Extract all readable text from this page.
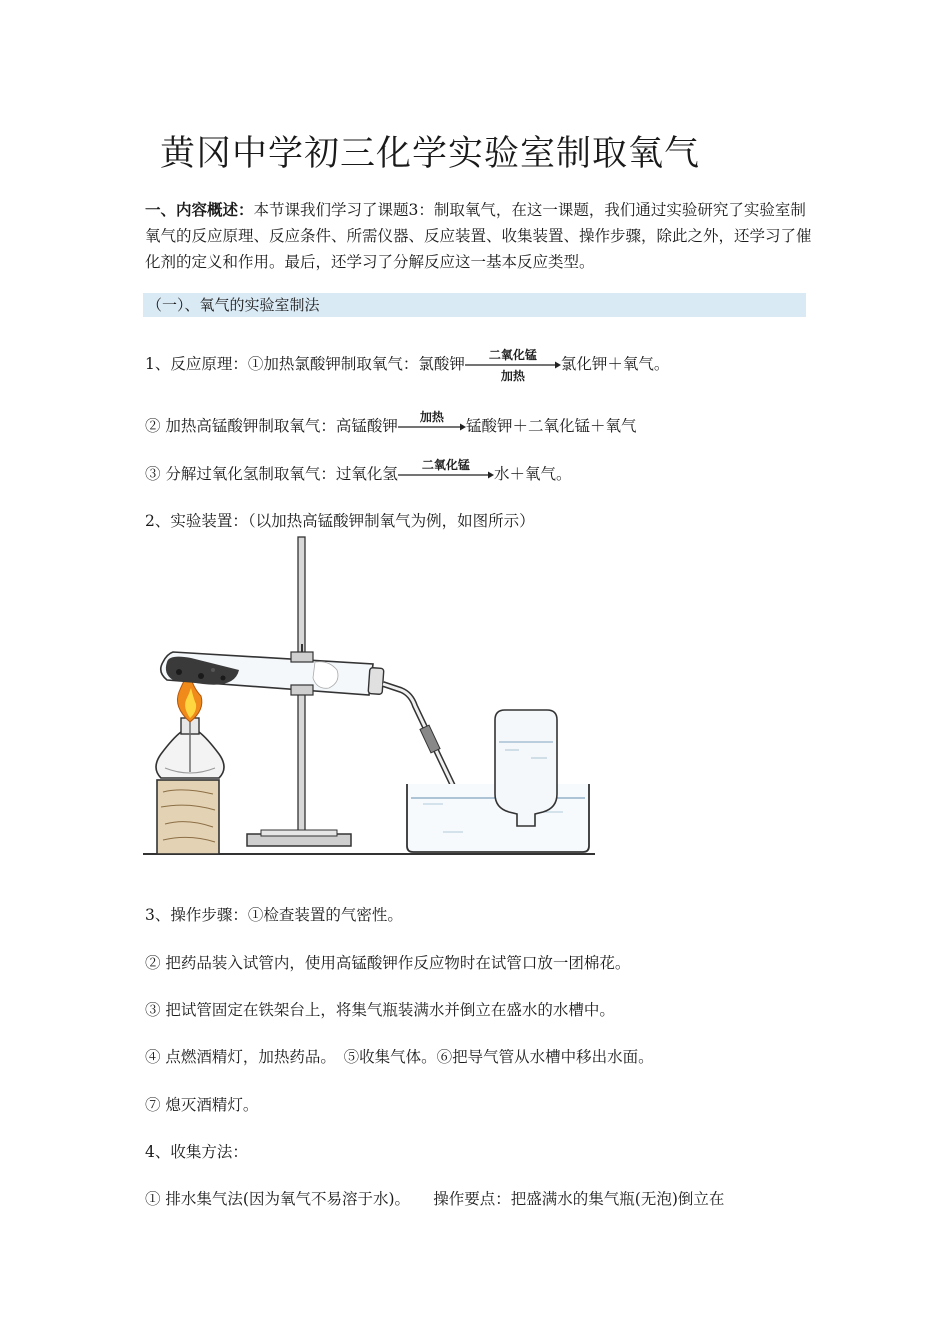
黄冈中学初三化学实验室制取氧气
一、内容概述：本节课我们学习了课题3：制取氧气，在这一课题，我们通过实验研究了实验室制氧气的反应原理、反应条件、所需仪器、反应装置、收集装置、操作步骤，除此之外，还学习了催化剂的定义和作用。最后，还学习了分解反应这一基本反应类型。
（一）、氧气的实验室制法
1、反应原理：①加热氯酸钾制取氧气：氯酸钾	二氧化锰
加热
氯化钾＋氧气。
② 加热高锰酸钾制取氧气：高锰酸钾	加热	锰酸钾＋二氧化锰＋氧气
③ 分解过氧化氢制取氧气：过氧化氢	二氧化锰	水＋氧气。
2、实验装置：（以加热高锰酸钾制氧气为例，如图所示）
3、操作步骤：①检查装置的气密性。
② 把药品装入试管内，使用高锰酸钾作反应物时在试管口放一团棉花。
③ 把试管固定在铁架台上，将集气瓶装满水并倒立在盛水的水槽中。
④ 点燃酒精灯，加热药品。　⑤收集气体。⑥把导气管从水槽中移出水面。
⑦ 熄灭酒精灯。
4、收集方法：
① 排水集气法(因为氧气不易溶于水)。　　操作要点：把盛满水的集气瓶(无泡)倒立在
